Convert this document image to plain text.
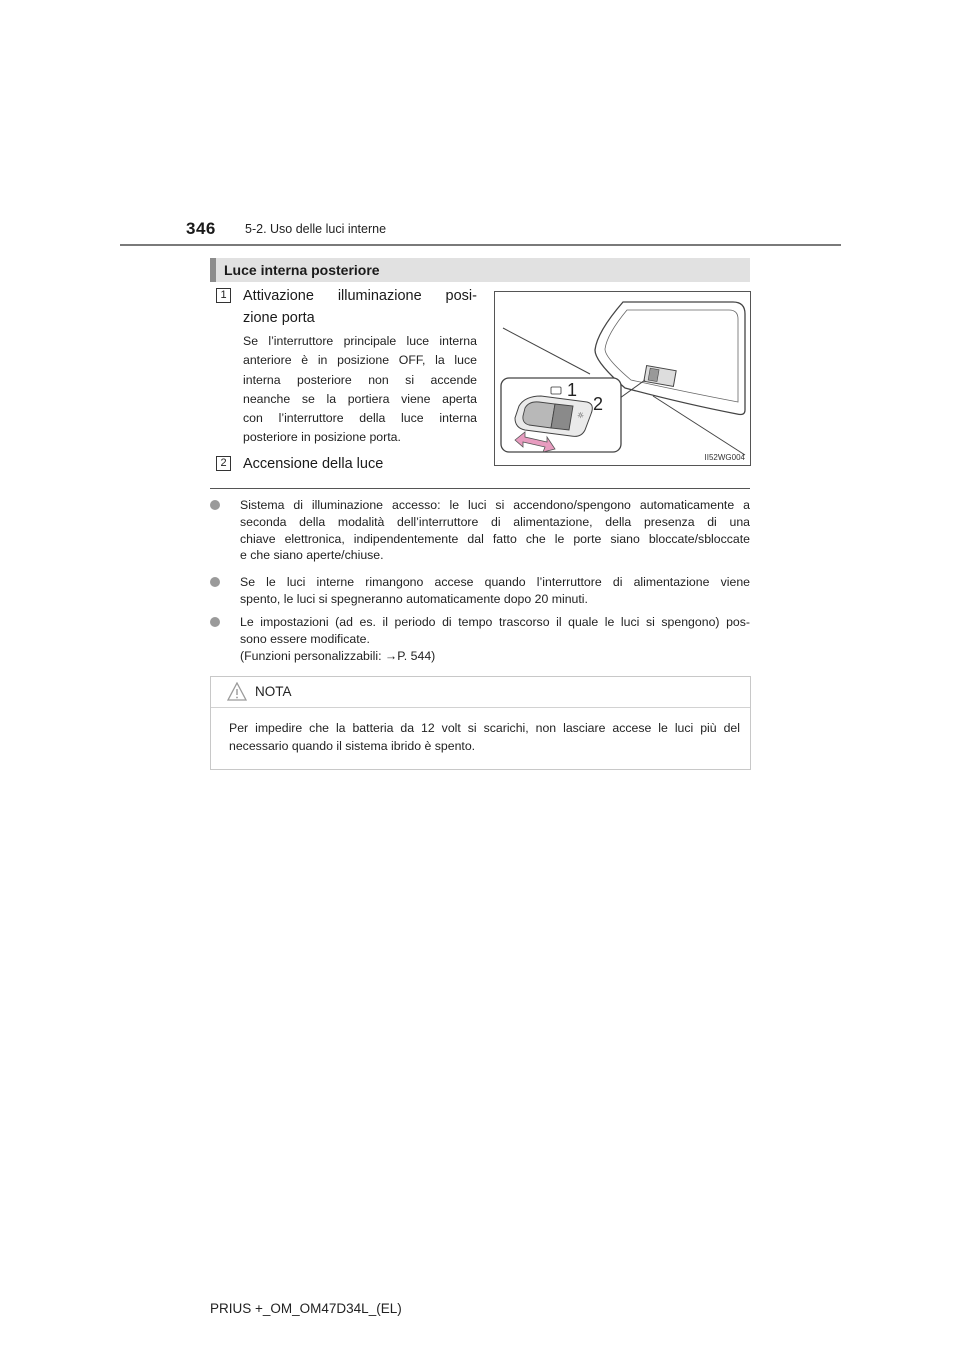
346 5-2. Uso delle luci interne
Luce interna posteriore
1	Attivazione illuminazione posi-
zione porta
Se l’interruttore principale luce interna
anteriore è in posizione OFF, la luce
interna posteriore non si accende
neanche se la portiera viene aperta
con l’interruttore della luce interna
posteriore in posizione porta.
2	Accensione della luce
☼
1
2
II52WG004
Sistema di illuminazione accesso: le luci si accendono/spengono automaticamente a
seconda della modalità dell’interruttore di alimentazione, della presenza di una
chiave elettronica, indipendentemente dal fatto che le porte siano bloccate/sbloccate
e che siano aperte/chiuse.
Se le luci interne rimangono accese quando l’interruttore di alimentazione viene
spento, le luci si spegneranno automaticamente dopo 20 minuti.
Le impostazioni (ad es. il periodo di tempo trascorso il quale le luci si spengono) pos-
sono essere modificate.
(Funzioni personalizzabili: →P. 544)
NOTA
Per impedire che la batteria da 12 volt si scarichi, non lasciare accese le luci più del
necessario quando il sistema ibrido è spento.
PRIUS +_OM_OM47D34L_(EL)
